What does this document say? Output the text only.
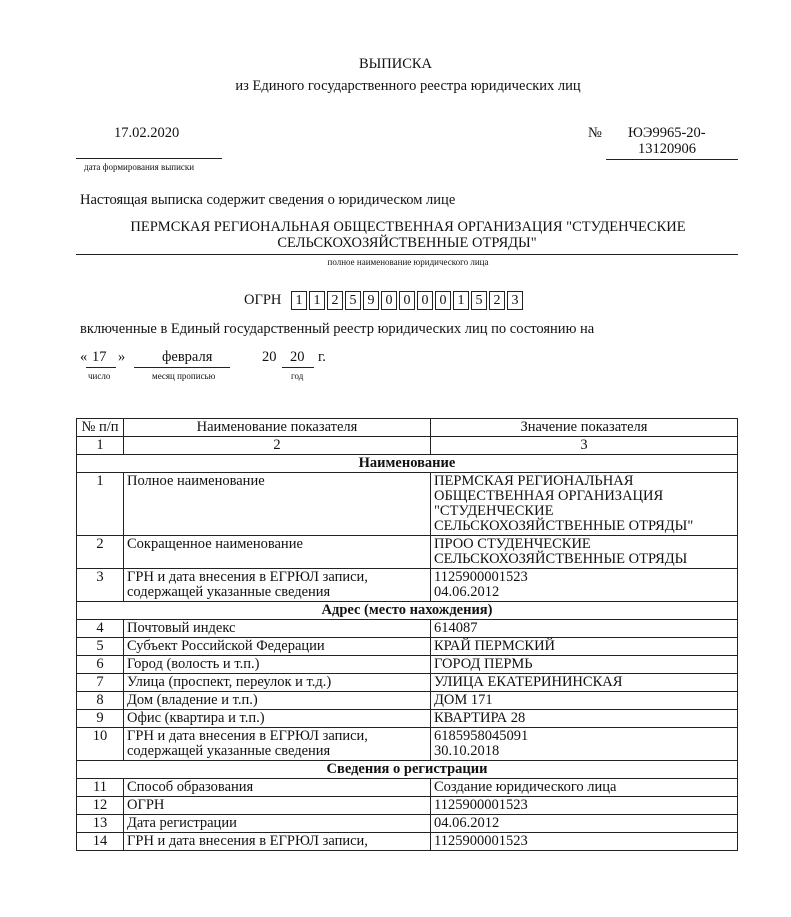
ВЫПИСКА
из Единого государственного реестра юридических лиц
17.02.2020
дата формирования выписки
№ ЮЭ9965-20-
13120906
Настоящая выписка содержит сведения о юридическом лице
ПЕРМСКАЯ РЕГИОНАЛЬНАЯ ОБЩЕСТВЕННАЯ ОРГАНИЗАЦИЯ "СТУДЕНЧЕСКИЕ
СЕЛЬСКОХОЗЯЙСТВЕННЫЕ ОТРЯДЫ"
полное наименование юридического лица
ОГРН	1 1 2 5 9 0 0 0 0 1 5 2 3
включенные в Единый государственный реестр юридических лиц по состоянию на
« 17 »	февраля	20 20 г.
число	месяц прописью	год
№ п/п	Наименование показателя	Значение показателя
1	2	3
Наименование		
1	Полное наименование	ПЕРМСКАЯ РЕГИОНАЛЬНАЯ ОБЩЕСТВЕННАЯ ОРГАНИЗАЦИЯ "СТУДЕНЧЕСКИЕ СЕЛЬСКОХОЗЯЙСТВЕННЫЕ ОТРЯДЫ"
2	Сокращенное наименование	ПРОО СТУДЕНЧЕСКИЕ СЕЛЬСКОХОЗЯЙСТВЕННЫЕ ОТРЯДЫ
3	ГРН и дата внесения в ЕГРЮЛ записи, содержащей указанные сведения	1125900001523
04.06.2012
Адрес (место нахождения)		
4	Почтовый индекс	614087
5	Субъект Российской Федерации	КРАЙ ПЕРМСКИЙ
6	Город (волость и т.п.)	ГОРОД ПЕРМЬ
7	Улица (проспект, переулок и т.д.)	УЛИЦА ЕКАТЕРИНИНСКАЯ
8	Дом (владение и т.п.)	ДОМ 171
9	Офис (квартира и т.п.)	КВАРТИРА 28
10	ГРН и дата внесения в ЕГРЮЛ записи, содержащей указанные сведения	6185958045091
30.10.2018
Сведения о регистрации		
11	Способ образования	Создание юридического лица
12	ОГРН	1125900001523
13	Дата регистрации	04.06.2012
14	ГРН и дата внесения в ЕГРЮЛ записи,	1125900001523
